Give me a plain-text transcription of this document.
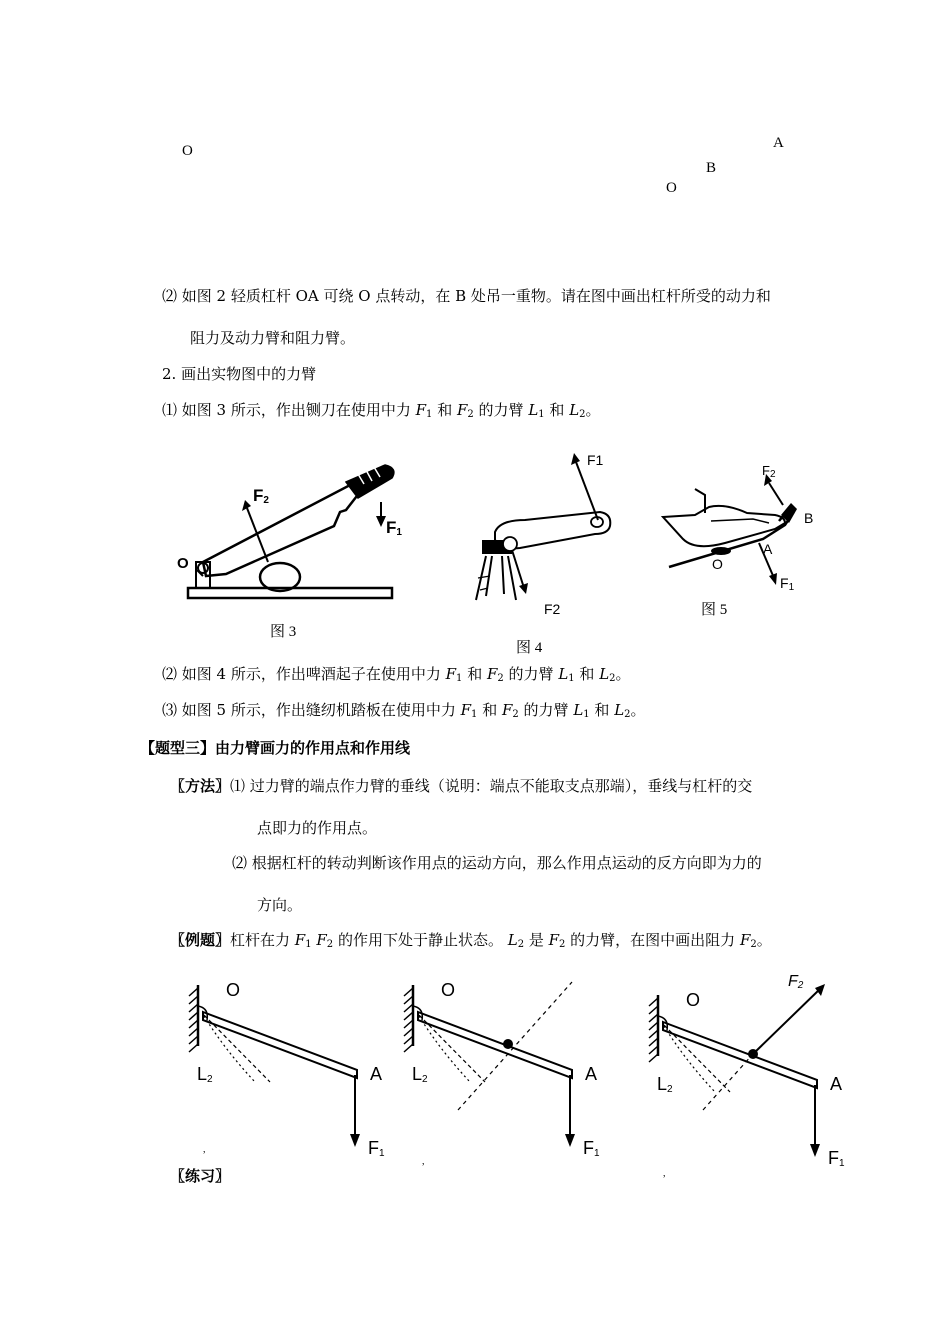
O	A
B
O
⑵ 如图 2 轻质杠杆 OA 可绕 O 点转动，在 B 处吊一重物。请在图中画出杠杆所受的动力和
阻力及动力臂和阻力臂。
2. 画出实物图中的力臂
⑴ 如图 3 所示，作出铡刀在使用中力 $F_1$ 和 $F_2$ 的力臂 $L_1$ 和 $L_2$。
O
$F_2$
$F_1$
图 3
F1
F2
图 4
$F_2$
B
A
O
$F_1$
图 5
⑵ 如图 4 所示，作出啤酒起子在使用中力 $F_1$ 和 $F_2$ 的力臂 $L_1$ 和 $L_2$。
⑶ 如图 5 所示，作出缝纫机踏板在使用中力 $F_1$ 和 $F_2$ 的力臂 $L_1$ 和 $L_2$。
【题型三】由力臂画力的作用点和作用线
〖方法〗⑴ 过力臂的端点作力臂的垂线（说明：端点不能取支点那端），垂线与杠杆的交
点即力的作用点。
⑵ 根据杠杆的转动判断该作用点的运动方向，那么作用点运动的反方向即为力的
方向。
〖例题〗杠杆在力 $F_1$ $F_2$ 的作用下处于静止状态。 $L_2$ 是 $F_2$ 的力臂，在图中画出阻力 $F_2$。
O
A
$L_2$
$F_1$
O
A
$L_2$
$F_1$
$F_2$
O
A
$L_2$
$F_1$
,
,
,
〖练习〗
